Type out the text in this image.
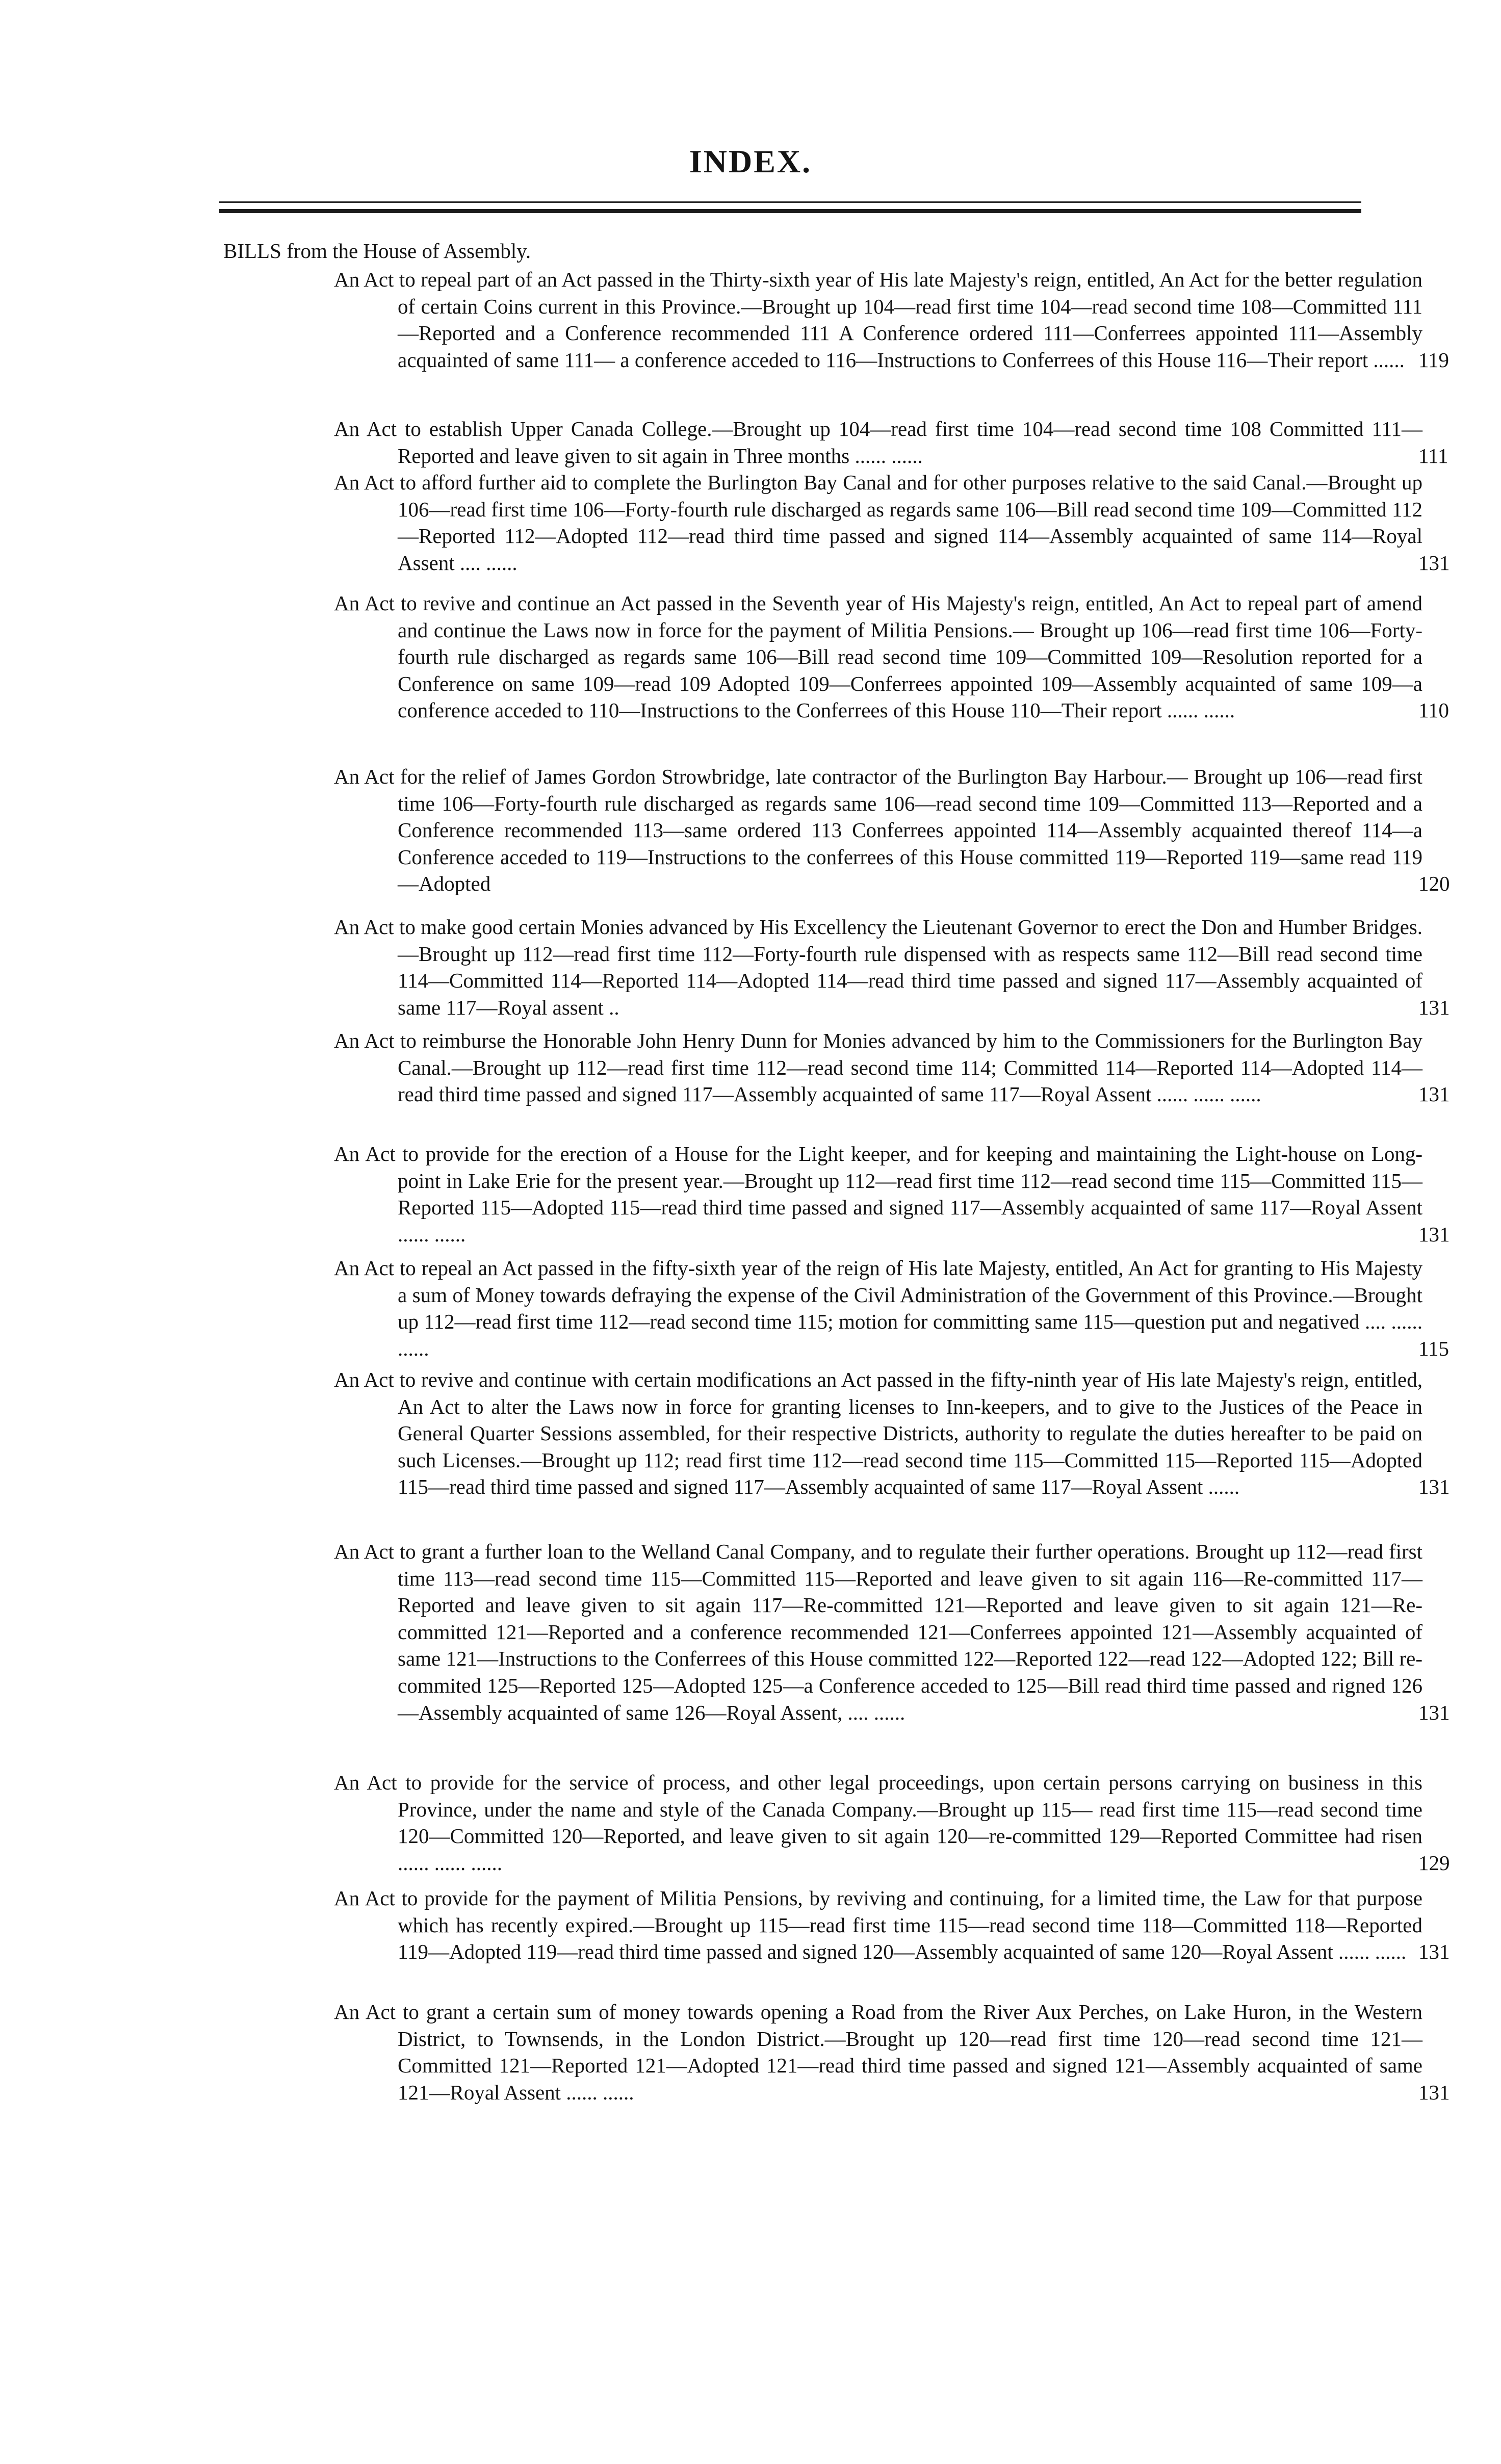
INDEX.
BILLS from the House of Assembly.
An Act to repeal part of an Act passed in the Thirty-sixth year of His late Majesty's reign, entitled, An Act for the better regulation of certain Coins current in this Province.—Brought up 104—read first time 104—read second time 108—Committed 111—Reported and a Conference recommended 111 A Conference ordered 111—Conferrees appointed 111—Assembly acquainted of same 111— a conference acceded to 116—Instructions to Conferrees of this House 116—Their report ...... 119
An Act to establish Upper Canada College.—Brought up 104—read first time 104—read second time 108 Committed 111—Reported and leave given to sit again in Three months ...... ......	111
An Act to afford further aid to complete the Burlington Bay Canal and for other purposes relative to the said Canal.—Brought up 106—read first time 106—Forty-fourth rule discharged as regards same 106—Bill read second time 109—Committed 112—Reported 112—Adopted 112—read third time passed and signed 114—Assembly acquainted of same 114—Royal Assent .... ......	131
An Act to revive and continue an Act passed in the Seventh year of His Majesty's reign, entitled, An Act to repeal part of amend and continue the Laws now in force for the payment of Militia Pensions.— Brought up 106—read first time 106—Forty-fourth rule discharged as regards same 106—Bill read second time 109—Committed 109—Resolution reported for a Conference on same 109—read 109 Adopted 109—Conferrees appointed 109—Assembly acquainted of same 109—a conference acceded to 110—Instructions to the Conferrees of this House 110—Their report ...... ......	110
An Act for the relief of James Gordon Strowbridge, late contractor of the Burlington Bay Harbour.— Brought up 106—read first time 106—Forty-fourth rule discharged as regards same 106—read second time 109—Committed 113—Reported and a Conference recommended 113—same ordered 113 Conferrees appointed 114—Assembly acquainted thereof 114—a Conference acceded to 119—Instructions to the conferrees of this House committed 119—Reported 119—same read 119—Adopted	120
An Act to make good certain Monies advanced by His Excellency the Lieutenant Governor to erect the Don and Humber Bridges.—Brought up 112—read first time 112—Forty-fourth rule dispensed with as respects same 112—Bill read second time 114—Committed 114—Reported 114—Adopted 114—read third time passed and signed 117—Assembly acquainted of same 117—Royal assent ..	131
An Act to reimburse the Honorable John Henry Dunn for Monies advanced by him to the Commissioners for the Burlington Bay Canal.—Brought up 112—read first time 112—read second time 114; Committed 114—Reported 114—Adopted 114—read third time passed and signed 117—Assembly acquainted of same 117—Royal Assent ...... ...... ......	131
An Act to provide for the erection of a House for the Light keeper, and for keeping and maintaining the Light-house on Long-point in Lake Erie for the present year.—Brought up 112—read first time 112—read second time 115—Committed 115—Reported 115—Adopted 115—read third time passed and signed 117—Assembly acquainted of same 117—Royal Assent ...... ......	131
An Act to repeal an Act passed in the fifty-sixth year of the reign of His late Majesty, entitled, An Act for granting to His Majesty a sum of Money towards defraying the expense of the Civil Administration of the Government of this Province.—Brought up 112—read first time 112—read second time 115; motion for committing same 115—question put and negatived .... ...... ......	115
An Act to revive and continue with certain modifications an Act passed in the fifty-ninth year of His late Majesty's reign, entitled, An Act to alter the Laws now in force for granting licenses to Inn-keepers, and to give to the Justices of the Peace in General Quarter Sessions assembled, for their respective Districts, authority to regulate the duties hereafter to be paid on such Licenses.—Brought up 112; read first time 112—read second time 115—Committed 115—Reported 115—Adopted 115—read third time passed and signed 117—Assembly acquainted of same 117—Royal Assent ......	131
An Act to grant a further loan to the Welland Canal Company, and to regulate their further operations. Brought up 112—read first time 113—read second time 115—Committed 115—Reported and leave given to sit again 116—Re-committed 117—Reported and leave given to sit again 117—Re-committed 121—Reported and leave given to sit again 121—Re-committed 121—Reported and a conference recommended 121—Conferrees appointed 121—Assembly acquainted of same 121—Instructions to the Conferrees of this House committed 122—Reported 122—read 122—Adopted 122; Bill re-commited 125—Reported 125—Adopted 125—a Conference acceded to 125—Bill read third time passed and rigned 126—Assembly acquainted of same 126—Royal Assent, .... ......	131
An Act to provide for the service of process, and other legal proceedings, upon certain persons carrying on business in this Province, under the name and style of the Canada Company.—Brought up 115— read first time 115—read second time 120—Committed 120—Reported, and leave given to sit again 120—re-committed 129—Reported Committee had risen ...... ...... ......	129
An Act to provide for the payment of Militia Pensions, by reviving and continuing, for a limited time, the Law for that purpose which has recently expired.—Brought up 115—read first time 115—read second time 118—Committed 118—Reported 119—Adopted 119—read third time passed and signed 120—Assembly acquainted of same 120—Royal Assent ...... ...... 131
An Act to grant a certain sum of money towards opening a Road from the River Aux Perches, on Lake Huron, in the Western District, to Townsends, in the London District.—Brought up 120—read first time 120—read second time 121—Committed 121—Reported 121—Adopted 121—read third time passed and signed 121—Assembly acquainted of same 121—Royal Assent ...... ......	131
